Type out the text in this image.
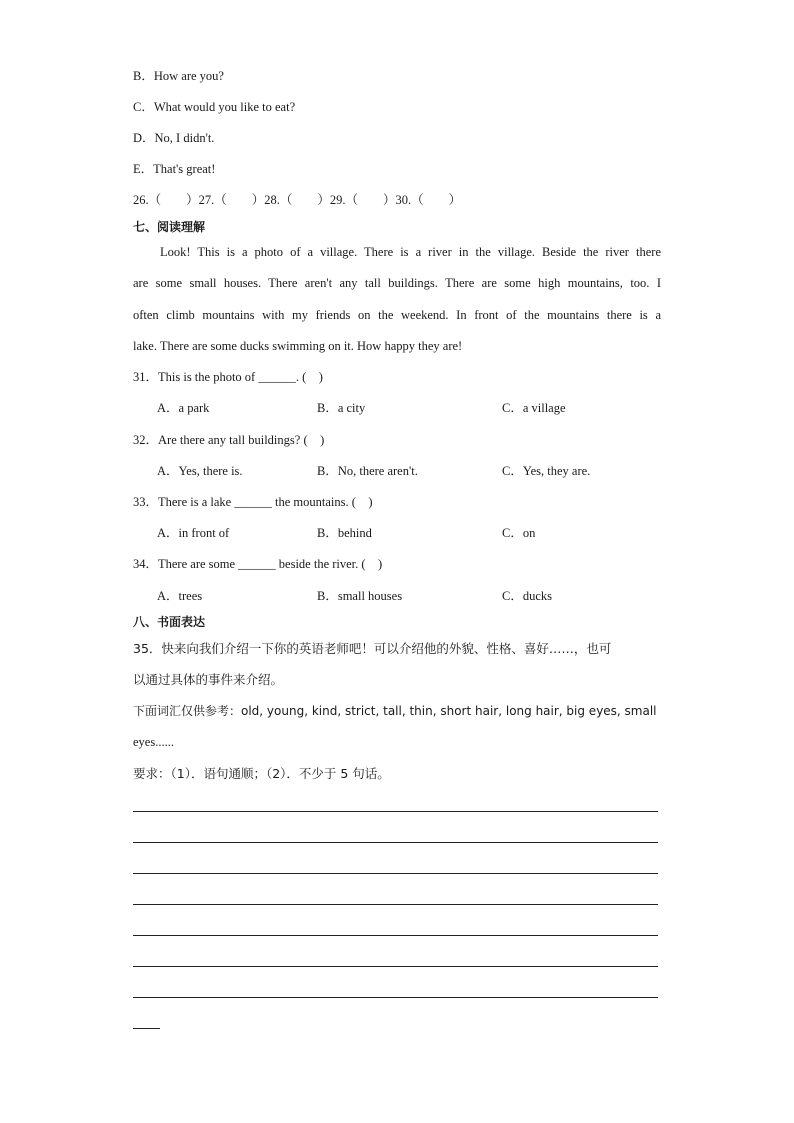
B．How are you?
C．What would you like to eat?
D．No, I didn't.
E．That's great!
26.（　　）27.（　　）28.（　　）29.（　　）30.（　　）
七、阅读理解
Look! This is a photo of a village. There is a river in the village. Beside the river there
are some small houses. There aren't any tall buildings. There are some high mountains, too. I
often climb mountains with my friends on the weekend. In front of the mountains there is a
lake. There are some ducks swimming on it. How happy they are!
31．This is the photo of ______. (　)
A．a park	B．a city	C．a village
32．Are there any tall buildings? (　)
A．Yes, there is.	B．No, there aren't.	C．Yes, they are.
33．There is a lake ______ the mountains. (　)
A．in front of	B．behind	C．on
34．There are some ______ beside the river. (　)
A．trees	B．small houses	C．ducks
八、书面表达
35．快来向我们介绍一下你的英语老师吧！可以介绍他的外貌、性格、喜好……，也可
以通过具体的事件来介绍。
下面词汇仅供参考：old, young, kind, strict, tall, thin, short hair, long hair, big eyes, small
eyes......
要求：（1）．语句通顺；（2）．不少于 5 句话。
